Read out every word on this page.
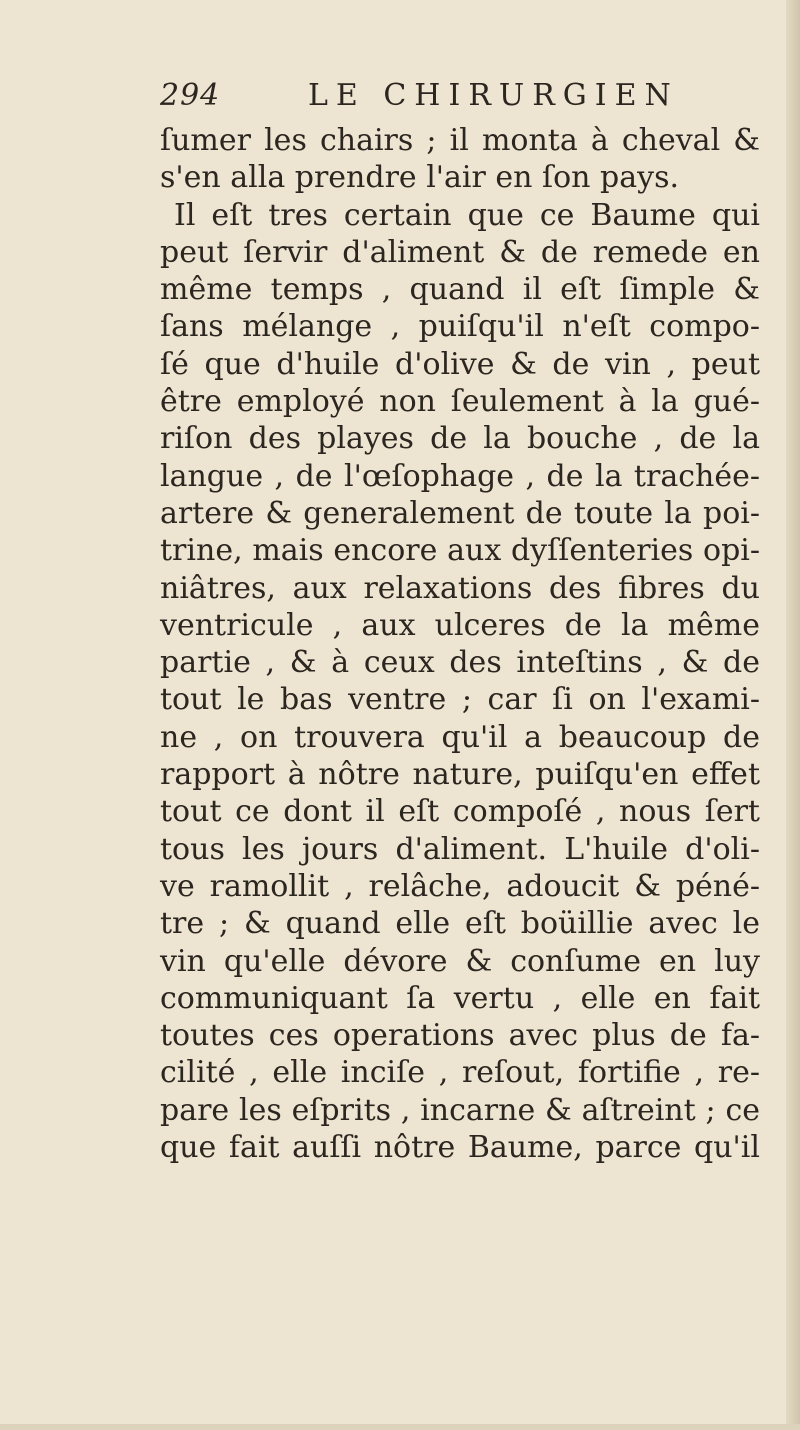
294	LE CHIRURGIEN
ſumer les chairs ; il monta à cheval &
s'en alla prendre l'air en ſon pays.
Il eſt tres certain que ce Baume qui
peut ſervir d'aliment & de remede en
même temps , quand il eſt ſimple &
ſans mélange , puiſqu'il n'eſt compo-
ſé que d'huile d'olive & de vin , peut
être employé non ſeulement à la gué-
riſon des playes de la bouche , de la
langue , de l'œſophage , de la trachée-
artere & generalement de toute la poi-
trine, mais encore aux dyſſenteries opi-
niâtres, aux relaxations des fibres du
ventricule , aux ulceres de la même
partie , & à ceux des inteſtins , & de
tout le bas ventre ; car ſi on l'exami-
ne , on trouvera qu'il a beaucoup de
rapport à nôtre nature, puiſqu'en effet
tout ce dont il eſt compoſé , nous ſert
tous les jours d'aliment. L'huile d'oli-
ve ramollit , relâche, adoucit & péné-
tre ; & quand elle eſt boüillie avec le
vin qu'elle dévore & conſume en luy
communiquant ſa vertu , elle en fait
toutes ces operations avec plus de fa-
cilité , elle inciſe , reſout, fortifie , re-
pare les eſprits , incarne & aſtreint ; ce
que fait auſſi nôtre Baume, parce qu'il
